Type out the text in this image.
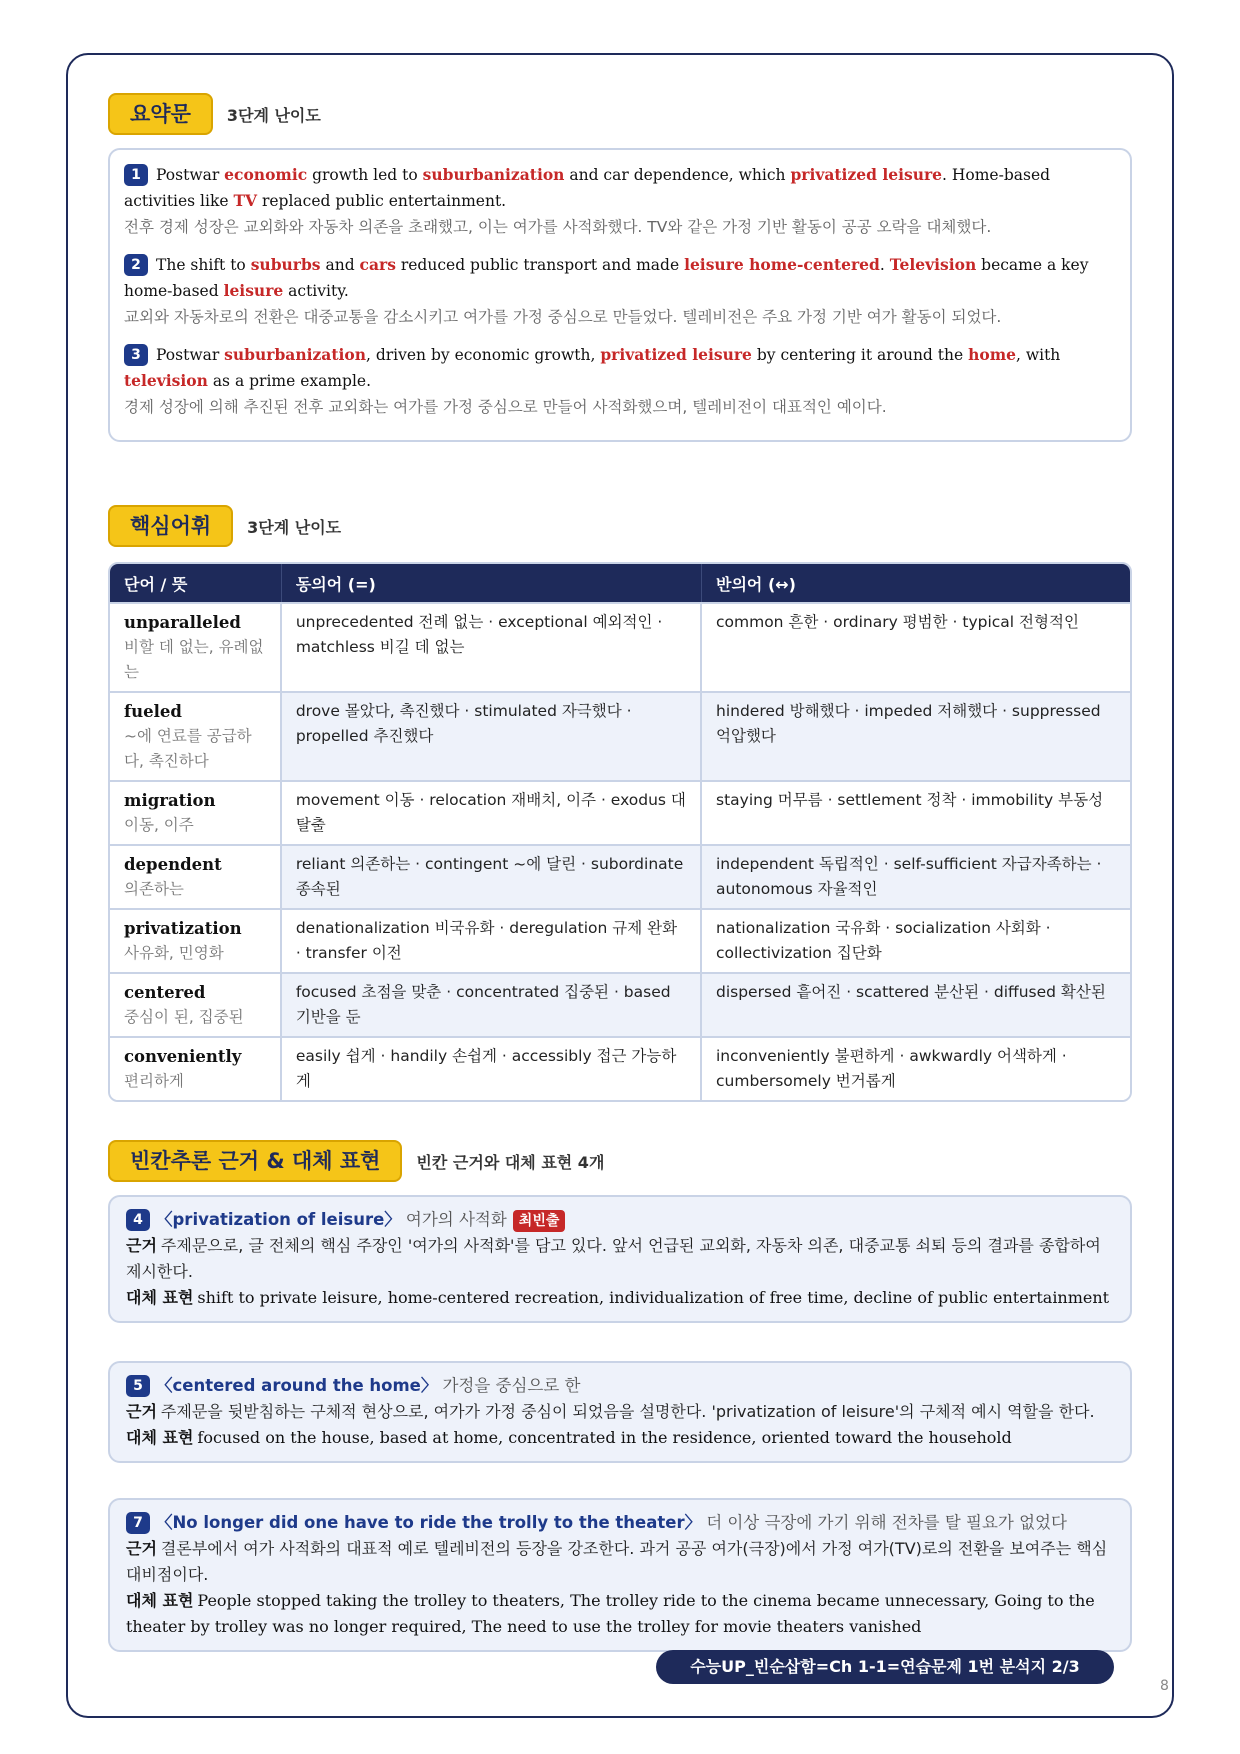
요약문	3단계 난이도
1 Postwar economic growth led to suburbanization and car dependence, which privatized leisure. Home-based activities like TV replaced public entertainment.
전후 경제 성장은 교외화와 자동차 의존을 초래했고, 이는 여가를 사적화했다. TV와 같은 가정 기반 활동이 공공 오락을 대체했다.
2 The shift to suburbs and cars reduced public transport and made leisure home-centered. Television became a key home-based leisure activity.
교외와 자동차로의 전환은 대중교통을 감소시키고 여가를 가정 중심으로 만들었다. 텔레비전은 주요 가정 기반 여가 활동이 되었다.
3 Postwar suburbanization, driven by economic growth, privatized leisure by centering it around the home, with television as a prime example.
경제 성장에 의해 추진된 전후 교외화는 여가를 가정 중심으로 만들어 사적화했으며, 텔레비전이 대표적인 예이다.
핵심어휘	3단계 난이도
단어 / 뜻	동의어 (=)	반의어 (↔)

unparalleled
비할 데 없는, 유례없는	unprecedented 전례 없는 · exceptional 예외적인 · matchless 비길 데 없는	common 흔한 · ordinary 평범한 · typical 전형적인

fueled
~에 연료를 공급하다, 촉진하다	drove 몰았다, 촉진했다 · stimulated 자극했다 · propelled 추진했다	hindered 방해했다 · impeded 저해했다 · suppressed 억압했다

migration
이동, 이주	movement 이동 · relocation 재배치, 이주 · exodus 대탈출	staying 머무름 · settlement 정착 · immobility 부동성

dependent
의존하는	reliant 의존하는 · contingent ~에 달린 · subordinate 종속된	independent 독립적인 · self-sufficient 자급자족하는 · autonomous 자율적인

privatization
사유화, 민영화	denationalization 비국유화 · deregulation 규제 완화 · transfer 이전	nationalization 국유화 · socialization 사회화 · collectivization 집단화

centered
중심이 된, 집중된	focused 초점을 맞춘 · concentrated 집중된 · based 기반을 둔	dispersed 흩어진 · scattered 분산된 · diffused 확산된

conveniently
편리하게	easily 쉽게 · handily 손쉽게 · accessibly 접근 가능하게	inconveniently 불편하게 · awkwardly 어색하게 · cumbersomely 번거롭게
빈칸추론 근거 & 대체 표현	빈칸 근거와 대체 표현 4개
4 〈privatization of leisure〉 여가의 사적화 최빈출
근거 주제문으로, 글 전체의 핵심 주장인 '여가의 사적화'를 담고 있다. 앞서 언급된 교외화, 자동차 의존, 대중교통 쇠퇴 등의 결과를 종합하여 제시한다.
대체 표현 shift to private leisure, home-centered recreation, individualization of free time, decline of public entertainment
5 〈centered around the home〉 가정을 중심으로 한
근거 주제문을 뒷받침하는 구체적 현상으로, 여가가 가정 중심이 되었음을 설명한다. 'privatization of leisure'의 구체적 예시 역할을 한다.
대체 표현 focused on the house, based at home, concentrated in the residence, oriented toward the household
7 〈No longer did one have to ride the trolly to the theater〉 더 이상 극장에 가기 위해 전차를 탈 필요가 없었다
근거 결론부에서 여가 사적화의 대표적 예로 텔레비전의 등장을 강조한다. 과거 공공 여가(극장)에서 가정 여가(TV)로의 전환을 보여주는 핵심 대비점이다.
대체 표현 People stopped taking the trolley to theaters, The trolley ride to the cinema became unnecessary, Going to the theater by trolley was no longer required, The need to use the trolley for movie theaters vanished
수능UP_빈순삽함=Ch 1-1=연습문제 1번 분석지 2/3
8
